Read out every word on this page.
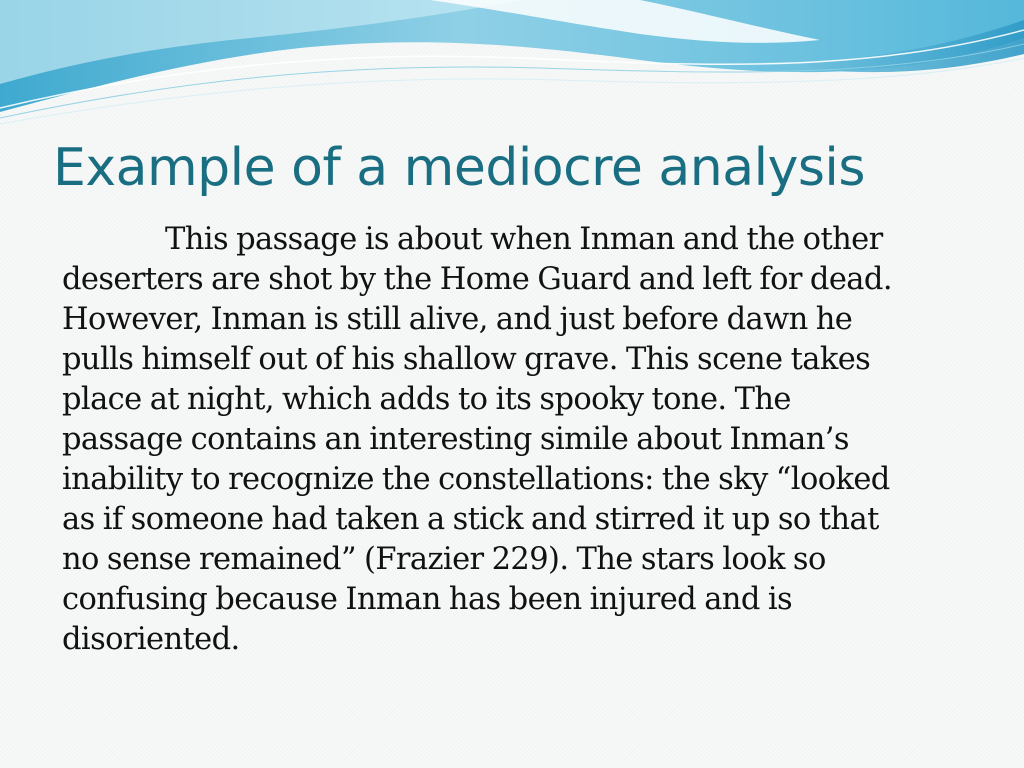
Example of a mediocre analysis

This passage is about when Inman and the other
deserters are shot by the Home Guard and left for dead.
However, Inman is still alive, and just before dawn he
pulls himself out of his shallow grave. This scene takes
place at night, which adds to its spooky tone. The
passage contains an interesting simile about Inman’s
inability to recognize the constellations: the sky “looked
as if someone had taken a stick and stirred it up so that
no sense remained” (Frazier 229). The stars look so
confusing because Inman has been injured and is
disoriented.
